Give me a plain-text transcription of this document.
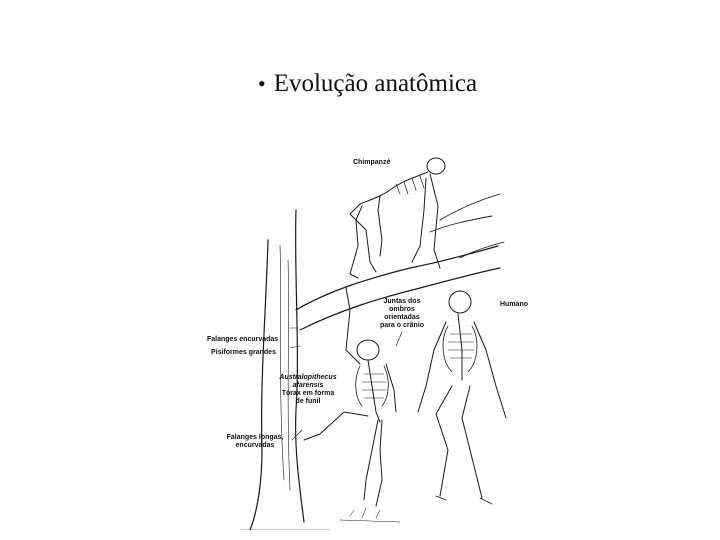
• Evolução anatômica
Chimpanzé
Humano
Juntas dos
ombros
orientadas
para o crânio
Falanges encurvadas
Pisiformes grandes
Australopithecus
afarensis
Tórax em forma
de funil
Falanges longas,
encurvadas
